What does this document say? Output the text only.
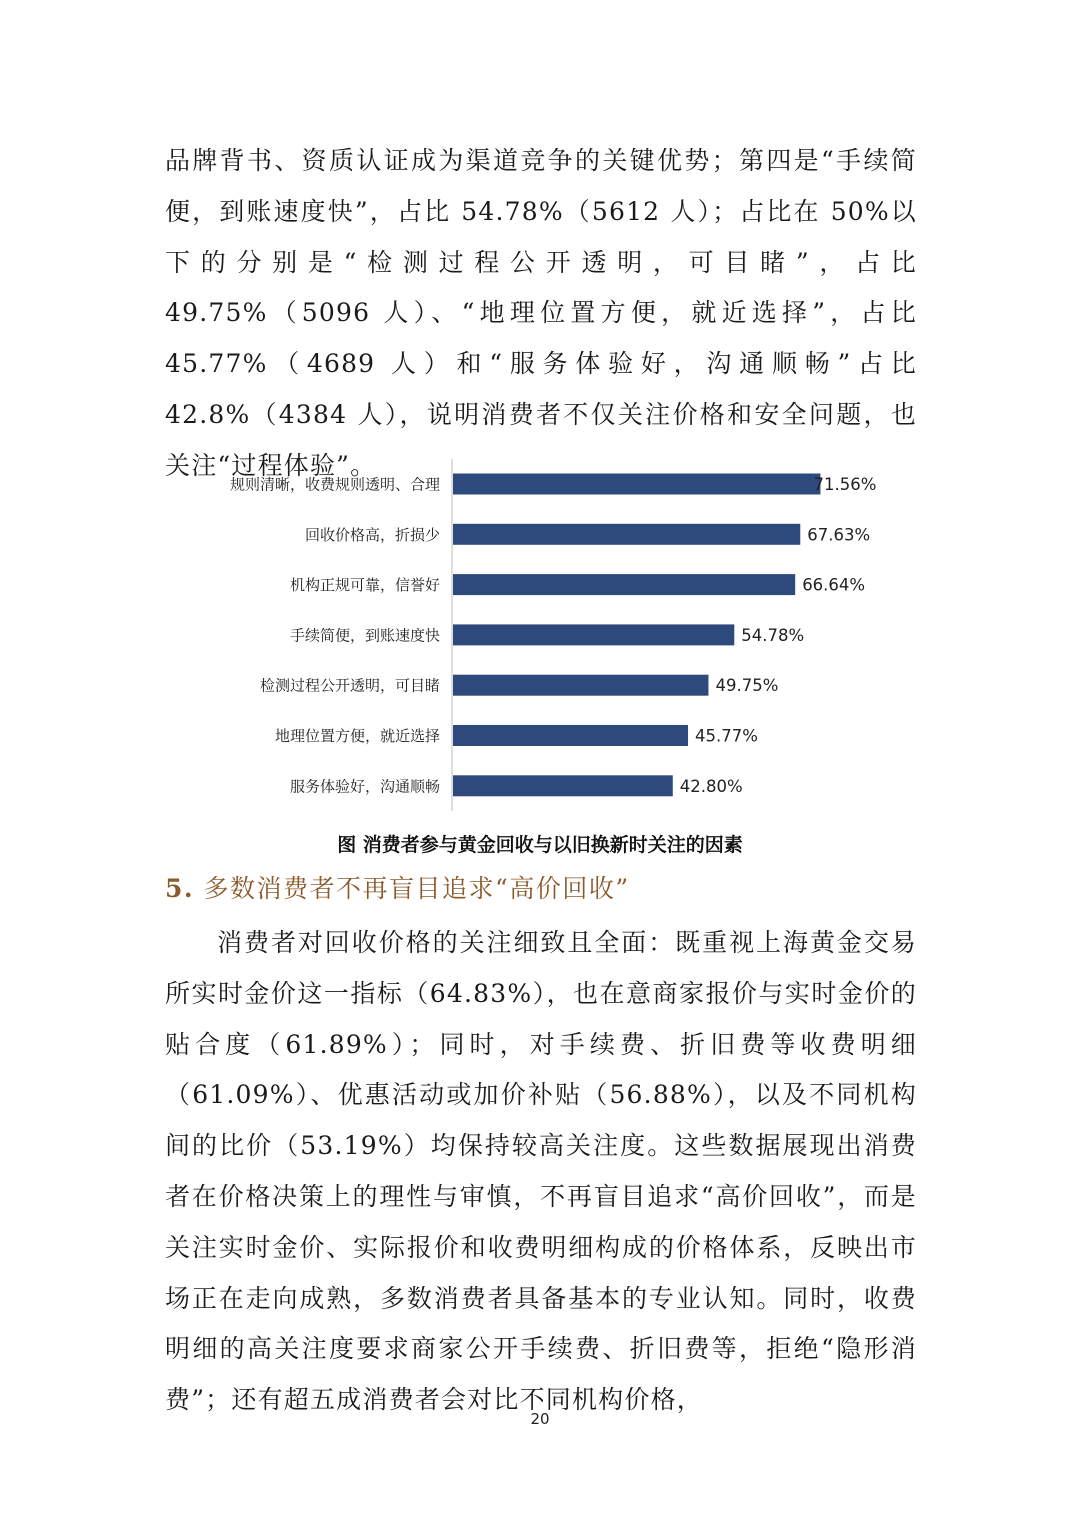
品牌背书、资质认证成为渠道竞争的关键优势；第四是“手续简便，到账速度快”，占比 54.78%（5612 人）；占比在 50%以下的分别是“检测过程公开透明，可目睹”，占比 49.75%（5096 人）、“地理位置方便，就近选择”，占比 45.77%（4689 人）和“服务体验好，沟通顺畅”占比 42.8%（4384 人），说明消费者不仅关注价格和安全问题，也关注“过程体验”。

规则清晰，收费规则透明、合理	71.56%
回收价格高，折损少	67.63%
机构正规可靠，信誉好	66.64%
手续简便，到账速度快	54.78%
检测过程公开透明，可目睹	49.75%
地理位置方便，就近选择	45.77%
服务体验好，沟通顺畅	42.80%

图 消费者参与黄金回收与以旧换新时关注的因素

5. 多数消费者不再盲目追求“高价回收”

消费者对回收价格的关注细致且全面：既重视上海黄金交易所实时金价这一指标（64.83%），也在意商家报价与实时金价的贴合度（61.89%）；同时，对手续费、折旧费等收费明细（61.09%）、优惠活动或加价补贴（56.88%），以及不同机构间的比价（53.19%）均保持较高关注度。这些数据展现出消费者在价格决策上的理性与审慎，不再盲目追求“高价回收”，而是关注实时金价、实际报价和收费明细构成的价格体系，反映出市场正在走向成熟，多数消费者具备基本的专业认知。同时，收费明细的高关注度要求商家公开手续费、折旧费等，拒绝“隐形消费”；还有超五成消费者会对比不同机构价格，

20
